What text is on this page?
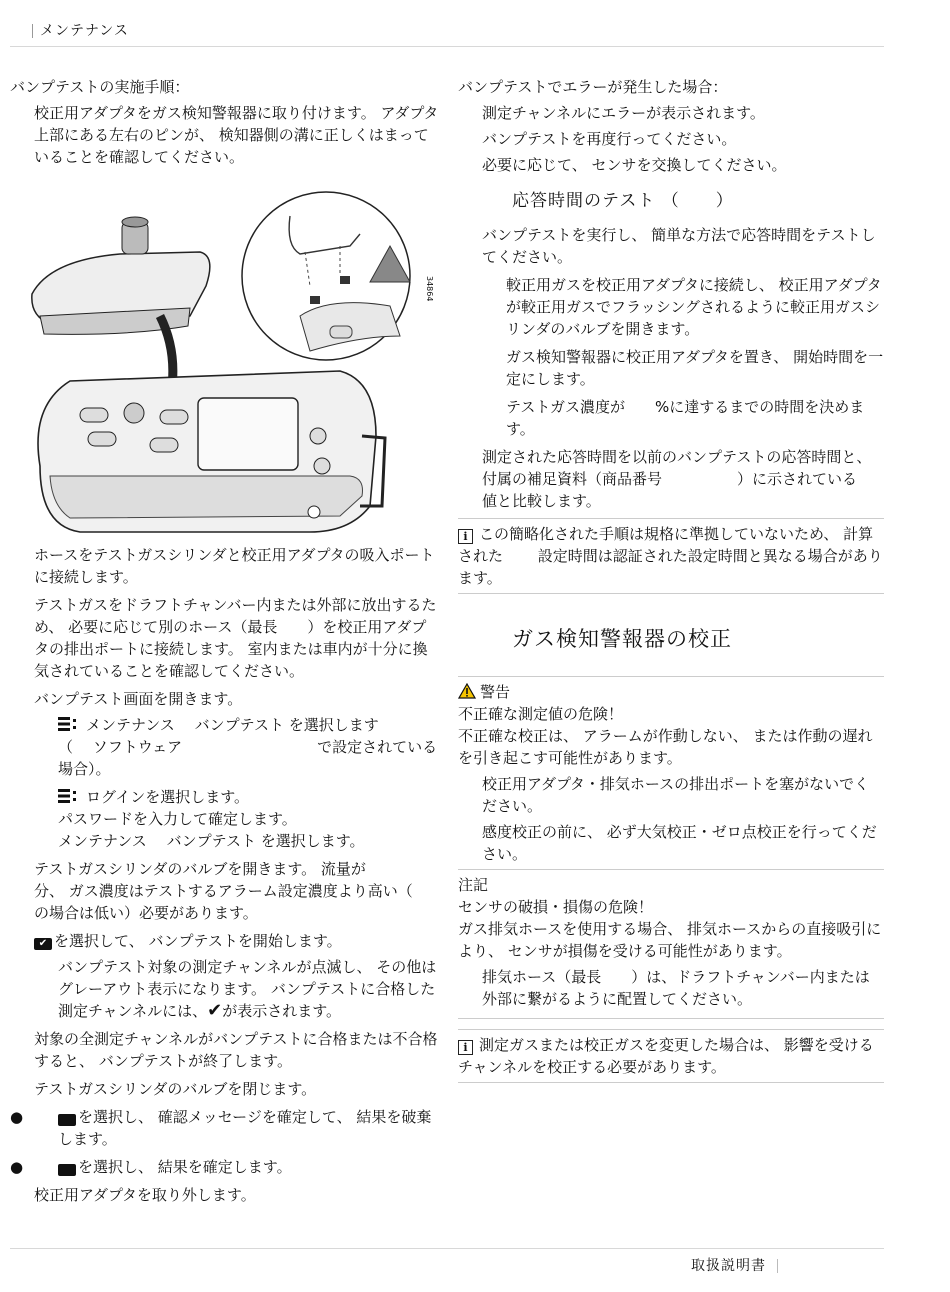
メンテナンス

バンプテストの実施手順：

校正用アダプタをガス検知警報器に取り付けます。 アダプタ上部にある左右のピンが、 検知器側の溝に正しくはまっていることを確認してください。

34864

ホースをテストガスシリンダと校正用アダプタの吸入ポートに接続します。

テストガスをドラフトチャンバー内または外部に放出するため、 必要に応じて別のホース（最長　　）を校正用アダプタの排出ポートに接続します。 室内または車内が十分に換気されていることを確認してください。

バンプテスト画面を開きます。

メンテナンス　 バンプテスト を選択します

（　 ソフトウェア　　　　　　　　　で設定されている場合）。

ログインを選択します。

パスワードを入力して確定します。

メンテナンス　 バンプテスト を選択します。

テストガスシリンダのバルブを開きます。 流量が　　　分、 ガス濃度はテストするアラーム設定濃度より高い（　 の場合は低い）必要があります。

✔ を選択して、 バンプテストを開始します。

バンプテスト対象の測定チャンネルが点滅し、 その他はグレーアウト表示になります。 バンプテストに合格した測定チャンネルには、✔が表示されます。

対象の全測定チャンネルがバンプテストに合格または不合格すると、 バンプテストが終了します。

テストガスシリンダのバルブを閉じます。

●	✕ を選択し、 確認メッセージを確定して、 結果を破棄します。

●	✔ を選択し、 結果を確定します。

校正用アダプタを取り外します。

バンプテストでエラーが発生した場合：

測定チャンネルにエラーが表示されます。

バンプテストを再度行ってください。

必要に応じて、 センサを交換してください。

応答時間のテスト （　　）

バンプテストを実行し、 簡単な方法で応答時間をテストしてください。

較正用ガスを校正用アダプタに接続し、 校正用アダプタが較正用ガスでフラッシングされるように較正用ガスシリンダのバルブを開きます。

ガス検知警報器に校正用アダプタを置き、 開始時間を一定にします。

テストガス濃度が　　%に達するまでの時間を決めます。

測定された応答時間を以前のバンプテストの応答時間と、 付属の補足資料（商品番号　　　　　）に示されている　　値と比較します。

i この簡略化された手順は規格に準拠していないため、 計算された　　 設定時間は認証された設定時間と異なる場合があります。

ガス検知警報器の校正

警告

不正確な測定値の危険！

不正確な校正は、 アラームが作動しない、 または作動の遅れを引き起こす可能性があります。

校正用アダプタ・排気ホースの排出ポートを塞がないでください。

感度校正の前に、 必ず大気校正・ゼロ点校正を行ってください。

注記

センサの破損・損傷の危険！

ガス排気ホースを使用する場合、 排気ホースからの直接吸引により、 センサが損傷を受ける可能性があります。

排気ホース（最長　　）は、ドラフトチャンバー内または外部に繋がるように配置してください。

i 測定ガスまたは校正ガスを変更した場合は、 影響を受けるチャンネルを校正する必要があります。
取扱説明書
